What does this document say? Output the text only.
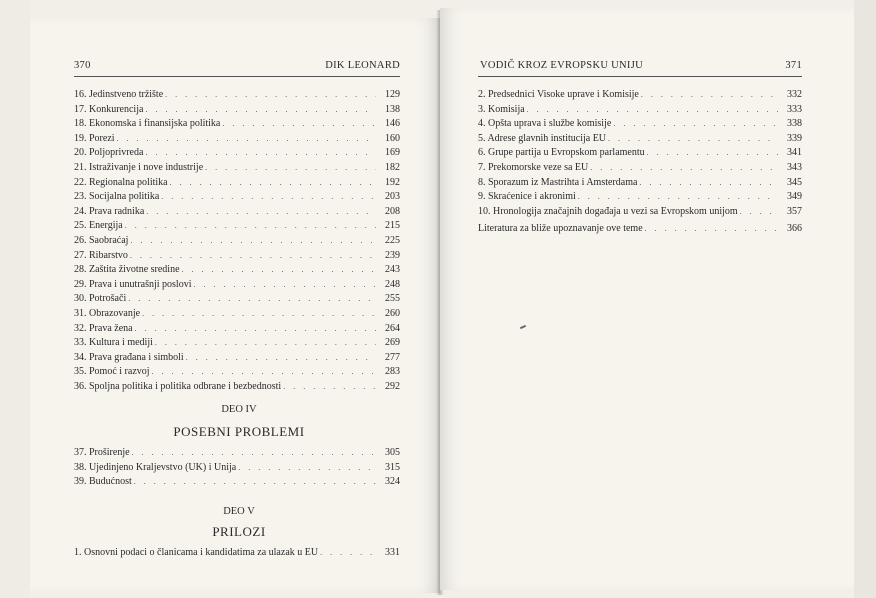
370	DIK LEONARD
16. Jedinstveno tržište . . .	129
17. Konkurencija . . .	138
18. Ekonomska i finansijska politika . . .	146
19. Porezi . . .	160
20. Poljoprivreda . . .	169
21. Istraživanje i nove industrije . . .	182
22. Regionalna politika . . .	192
23. Socijalna politika . . .	203
24. Prava radnika . . .	208
25. Energija . . .	215
26. Saobraćaj . . .	225
27. Ribarstvo . . .	239
28. Zaštita životne sredine . . .	243
29. Prava i unutrašnji poslovi . . .	248
30. Potrošači . . .	255
31. Obrazovanje . . .	260
32. Prava žena . . .	264
33. Kultura i mediji . . .	269
34. Prava građana i simboli . . .	277
35. Pomoć i razvoj . . .	283
36. Spoljna politika i politika odbrane i bezbednosti . . .	292
DEO IV
POSEBNI PROBLEMI
37. Proširenje . . .	305
38. Ujedinjeno Kraljevstvo (UK) i Unija . . .	315
39. Budućnost . . .	324
DEO V
PRILOZI
1. Osnovni podaci o članicama i kandidatima za ulazak u EU . . .	331
VODIČ KROZ EVROPSKU UNIJU	371
2. Predsednici Visoke uprave i Komisije . . .	332
3. Komisija . . .	333
4. Opšta uprava i službe komisije . . .	338
5. Adrese glavnih institucija EU . . .	339
6. Grupe partija u Evropskom parlamentu . . .	341
7. Prekomorske veze sa EU . . .	343
8. Sporazum iz Mastrihta i Amsterdama . . .	345
9. Skraćenice i akronimi . . .	349
10. Hronologija značajnih događaja u vezi sa Evropskom unijom . . .	357
Literatura za bliže upoznavanje ove teme . . .	366
